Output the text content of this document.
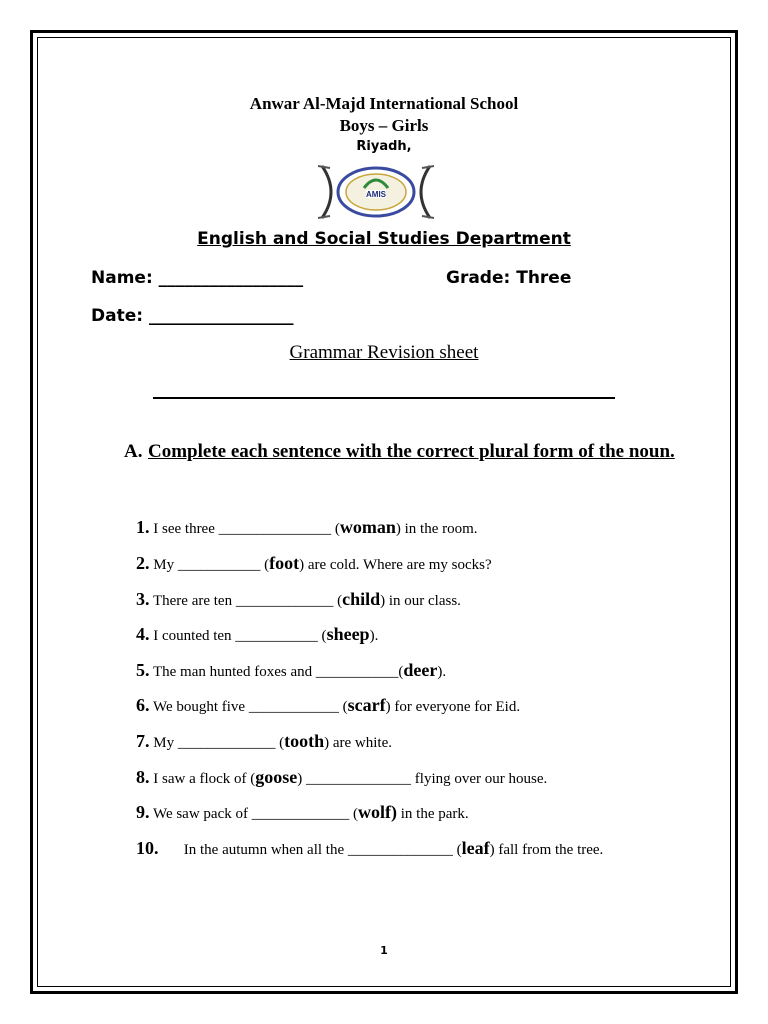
Anwar Al-Majd International School
Boys – Girls
Riyadh,
AMIS
English and Social Studies Department
Name: _________________	Grade: Three
Date: _________________
Grammar Revision sheet
A. Complete each sentence with the correct plural form of the noun.
1. I see three _______________ (woman) in the room.
2. My ___________ (foot) are cold. Where are my socks?
3. There are ten _____________ (child) in our class.
4. I counted ten ___________ (sheep).
5. The man hunted foxes and ___________(deer).
6. We bought five ____________ (scarf) for everyone for Eid.
7. My _____________ (tooth) are white.
8. I saw a flock of (goose) ______________ flying over our house.
9. We saw pack of _____________ (wolf) in the park.
10. In the autumn when all the ______________ (leaf) fall from the tree.
1
